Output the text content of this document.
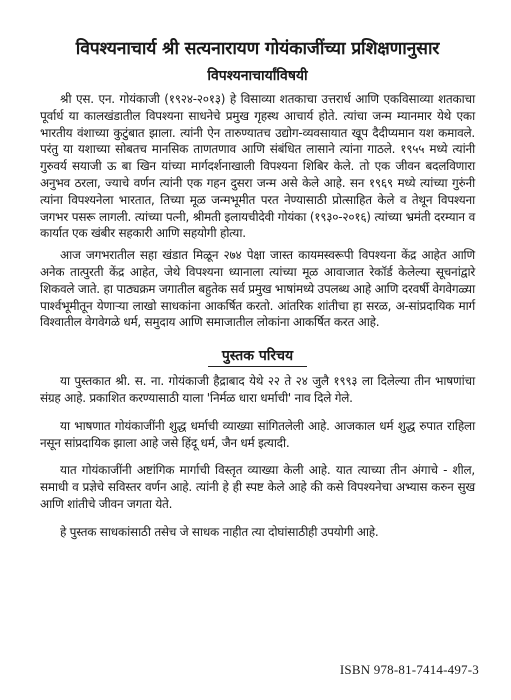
विपश्यनाचार्य श्री सत्यनारायण गोयंकाजींच्या प्रशिक्षणानुसार
विपश्यनाचार्यांविषयी

श्री एस. एन. गोयंकाजी (१९२४-२०१३) हे विसाव्या शतकाचा उत्तरार्ध आणि एकविसाव्या शतकाचा पूर्वार्ध या कालखंडातील विपश्यना साधनेचे प्रमुख गृहस्थ आचार्य होते. त्यांचा जन्म म्यानमार येथे एका भारतीय वंशाच्या कुटुंबात झाला. त्यांनी ऐन तारुण्यातच उद्योग-व्यवसायात खूप दैदीप्यमान यश कमावले. परंतु या यशाच्या सोबतच मानसिक ताणतणाव आणि संबंधित लासाने त्यांना गाठले. १९५५ मध्ये त्यांनी गुरुवर्य सयाजी ऊ बा खिन यांच्या मार्गदर्शनाखाली विपश्यना शिबिर केले. तो एक जीवन बदलविणारा अनुभव ठरला, ज्याचे वर्णन त्यांनी एक गहन दुसरा जन्म असे केले आहे. सन १९६९ मध्ये त्यांच्या गुरुंनी त्यांना विपश्यनेला भारतात, तिच्या मूळ जन्मभूमीत परत नेण्यासाठी प्रोत्साहित केले व तेथून विपश्यना जगभर पसरू लागली. त्यांच्या पत्नी, श्रीमती इलायचीदेवी गोयंका (१९३०-२०१६) त्यांच्या भ्रमंती दरम्यान व कार्यात एक खंबीर सहकारी आणि सहयोगी होत्या.

आज जगभरातील सहा खंडात मिळून २७४ पेक्षा जास्त कायमस्वरूपी विपश्यना केंद्र आहेत आणि अनेक तात्पुरती केंद्र आहेत, जेथे विपश्यना ध्यानाला त्यांच्या मूळ आवाजात रेकॉर्ड केलेल्या सूचनांद्वारे शिकवले जाते. हा पाठ्यक्रम जगातील बहुतेक सर्व प्रमुख भाषांमध्ये उपलब्ध आहे आणि दरवर्षी वेगवेगळ्या पार्श्वभूमीतून येणाऱ्या लाखो साधकांना आकर्षित करतो. आंतरिक शांतीचा हा सरळ, अ-सांप्रदायिक मार्ग विश्वातील वेगवेगळे धर्म, समुदाय आणि समाजातील लोकांना आकर्षित करत आहे.

पुस्तक परिचय

या पुस्तकात श्री. स. ना. गोयंकाजी हैद्राबाद येथे २२ ते २४ जुलै १९९३ ला दिलेल्या तीन भाषणांचा संग्रह आहे. प्रकाशित करण्यासाठी याला 'निर्मळ धारा धर्माची' नाव दिले गेले.

या भाषणात गोयंकाजींनी शुद्ध धर्माची व्याख्या सांगितलेली आहे. आजकाल धर्म शुद्ध रुपात राहिला नसून सांप्रदायिक झाला आहे जसे हिंदू धर्म, जैन धर्म इत्यादी.

यात गोयंकाजींनी अष्टांगिक मार्गाची विस्तृत व्याख्या केली आहे. यात त्याच्या तीन अंगाचे - शील, समाधी व प्रज्ञेचे सविस्तर वर्णन आहे. त्यांनी हे ही स्पष्ट केले आहे की कसे विपश्यनेचा अभ्यास करुन सुख आणि शांतीचे जीवन जगता येते.

हे पुस्तक साधकांसाठी तसेच जे साधक नाहीत त्या दोघांसाठीही उपयोगी आहे.

ISBN 978-81-7414-497-3
